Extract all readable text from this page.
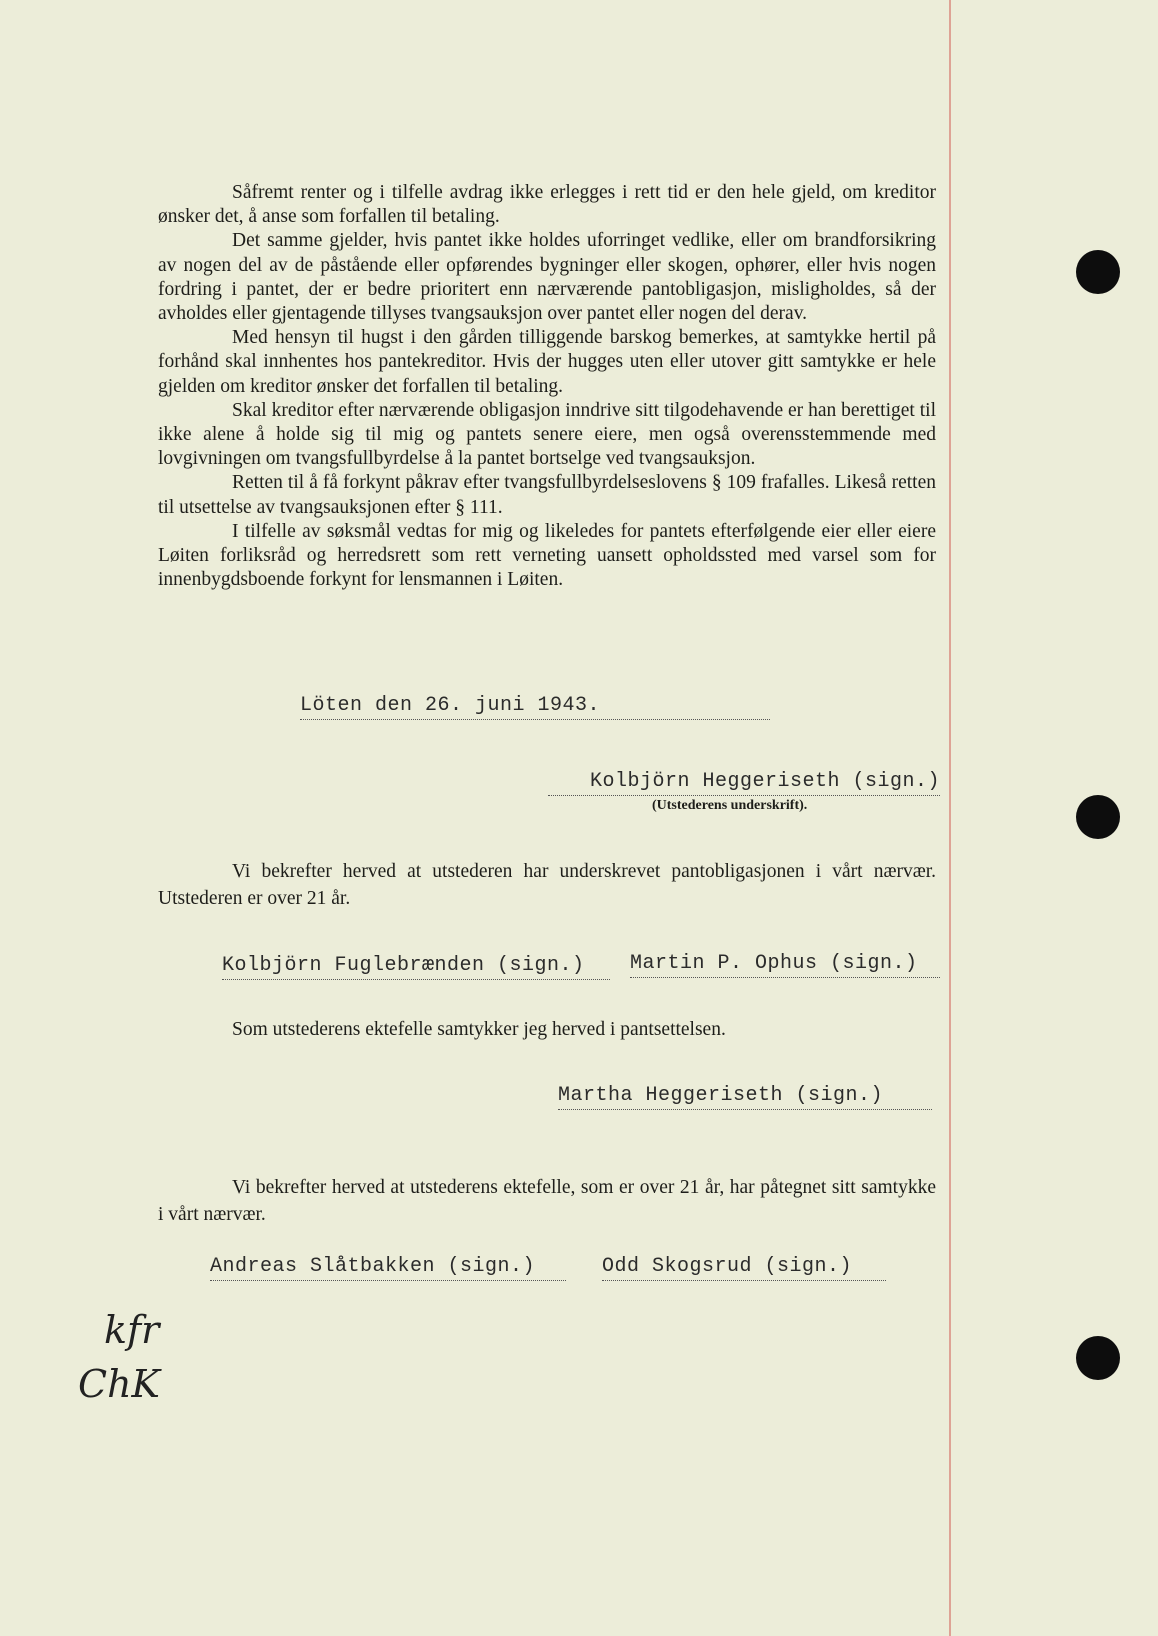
Såfremt renter og i tilfelle avdrag ikke erlegges i rett tid er den hele gjeld, om kreditor ønsker det, å anse som forfallen til betaling.

Det samme gjelder, hvis pantet ikke holdes uforringet vedlike, eller om brandforsikring av nogen del av de påstående eller opførendes bygninger eller skogen, ophører, eller hvis nogen fordring i pantet, der er bedre prioritert enn nærværende pantobligasjon, misligholdes, så der avholdes eller gjentagende tillyses tvangsauksjon over pantet eller nogen del derav.

Med hensyn til hugst i den gården tilliggende barskog bemerkes, at samtykke hertil på forhånd skal innhentes hos pantekreditor. Hvis der hugges uten eller utover gitt samtykke er hele gjelden om kreditor ønsker det forfallen til betaling.

Skal kreditor efter nærværende obligasjon inndrive sitt tilgodehavende er han berettiget til ikke alene å holde sig til mig og pantets senere eiere, men også overensstemmende med lovgivningen om tvangsfullbyrdelse å la pantet bortselge ved tvangsauksjon.

Retten til å få forkynt påkrav efter tvangsfullbyrdelseslovens § 109 frafalles. Likeså retten til utsettelse av tvangsauksjonen efter § 111.

I tilfelle av søksmål vedtas for mig og likeledes for pantets efterfølgende eier eller eiere Løiten forliksråd og herredsrett som rett verneting uansett opholdssted med varsel som for innenbygdsboende forkynt for lensmannen i Løiten.

Löten den 26. juni 1943.
Kolbjörn Heggeriseth (sign.)
(Utstederens underskrift).

Vi bekrefter herved at utstederen har underskrevet pantobligasjonen i vårt nærvær. Utstederen er over 21 år.

Kolbjörn Fuglebrænden (sign.)	Martin P. Ophus (sign.)

Som utstederens ektefelle samtykker jeg herved i pantsettelsen.

Martha Heggeriseth (sign.)

Vi bekrefter herved at utstederens ektefelle, som er over 21 år, har påtegnet sitt samtykke i vårt nærvær.

Andreas Slåtbakken (sign.)	Odd Skogsrud (sign.)
kfr
ChK
